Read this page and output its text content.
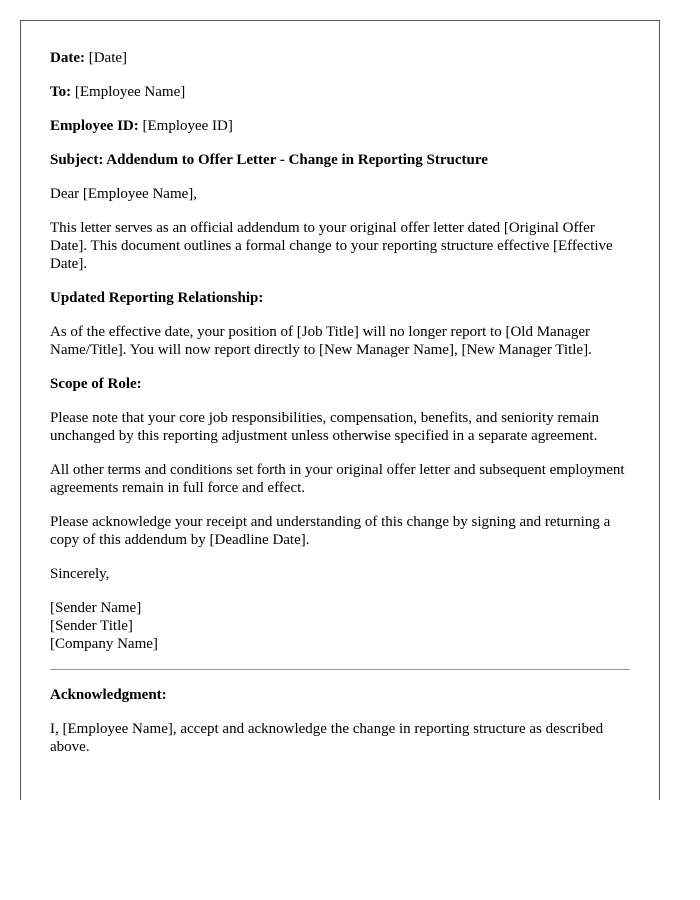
Date: [Date]

To: [Employee Name]

Employee ID: [Employee ID]

Subject: Addendum to Offer Letter - Change in Reporting Structure

Dear [Employee Name],

This letter serves as an official addendum to your original offer letter dated [Original Offer Date]. This document outlines a formal change to your reporting structure effective [Effective Date].

Updated Reporting Relationship:

As of the effective date, your position of [Job Title] will no longer report to [Old Manager Name/Title]. You will now report directly to [New Manager Name], [New Manager Title].

Scope of Role:

Please note that your core job responsibilities, compensation, benefits, and seniority remain unchanged by this reporting adjustment unless otherwise specified in a separate agreement.

All other terms and conditions set forth in your original offer letter and subsequent employment agreements remain in full force and effect.

Please acknowledge your receipt and understanding of this change by signing and returning a copy of this addendum by [Deadline Date].

Sincerely,

[Sender Name]
[Sender Title]
[Company Name]

Acknowledgment:

I, [Employee Name], accept and acknowledge the change in reporting structure as described above.
